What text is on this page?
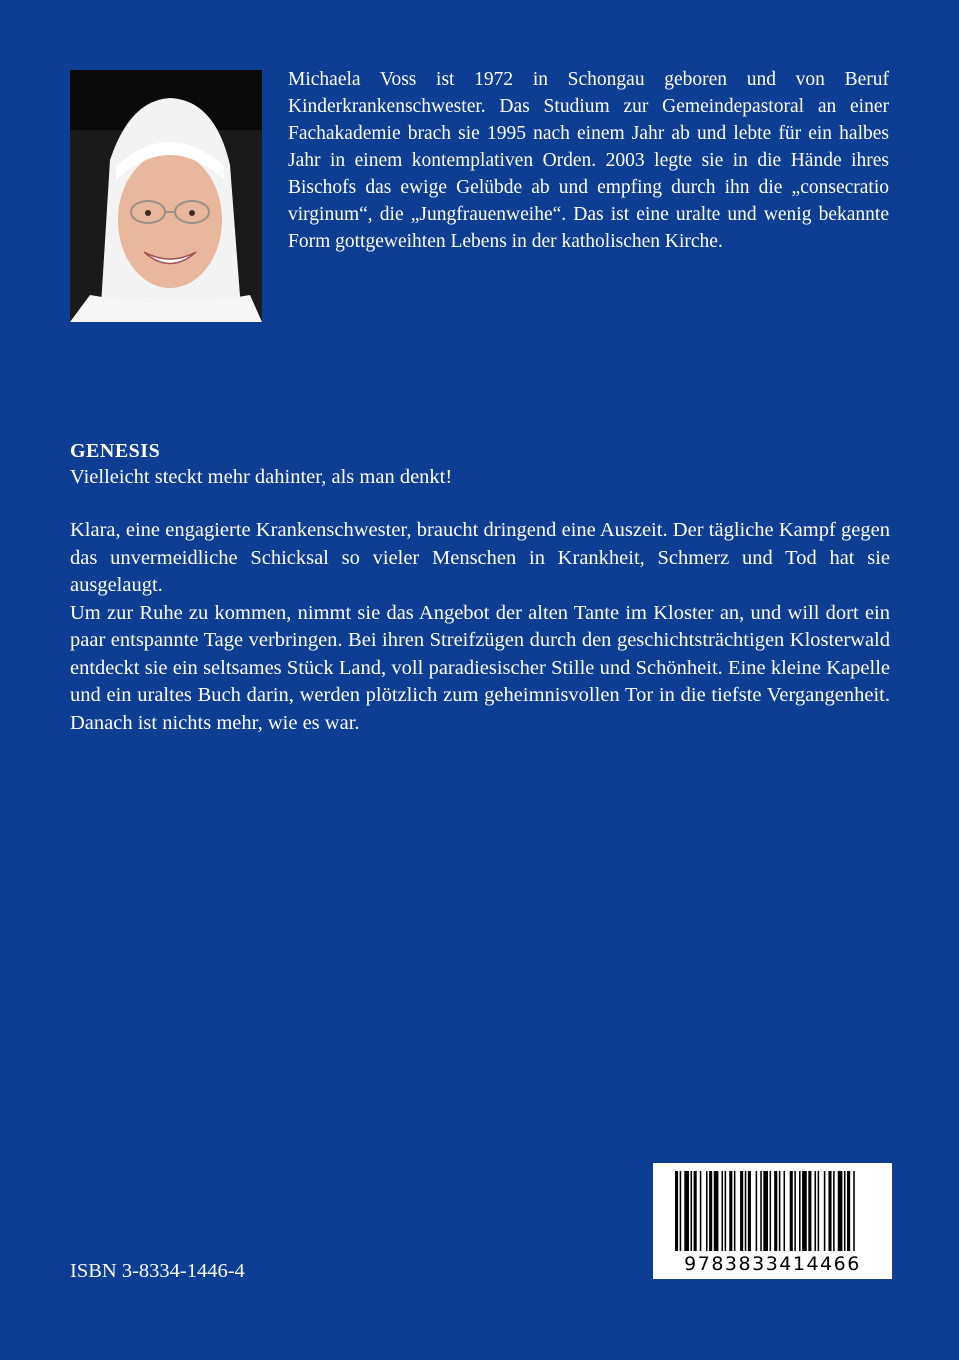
Michaela Voss ist 1972 in Schongau geboren und von Beruf Kinderkrankenschwester. Das Studium zur Gemeindepastoral an einer Fachakademie brach sie 1995 nach einem Jahr ab und lebte für ein halbes Jahr in einem kontemplativen Orden. 2003 legte sie in die Hände ihres Bischofs das ewige Gelübde ab und empfing durch ihn die „consecratio virginum“, die „Jungfrauenweihe“. Das ist eine uralte und wenig bekannte Form gottgeweihten Lebens in der katholischen Kirche.
GENESIS
Vielleicht steckt mehr dahinter, als man denkt!

Klara, eine engagierte Krankenschwester, braucht dringend eine Auszeit. Der tägliche Kampf gegen das unvermeidliche Schicksal so vieler Menschen in Krankheit, Schmerz und Tod hat sie ausgelaugt.

Um zur Ruhe zu kommen, nimmt sie das Angebot der alten Tante im Kloster an, und will dort ein paar entspannte Tage verbringen. Bei ihren Streifzügen durch den geschichtsträchtigen Klosterwald entdeckt sie ein seltsames Stück Land, voll paradiesischer Stille und Schönheit. Eine kleine Kapelle und ein uraltes Buch darin, werden plötzlich zum geheimnisvollen Tor in die tiefste Vergangenheit. Danach ist nichts mehr, wie es war.

ISBN 3-8334-1446-4	9783833414466
